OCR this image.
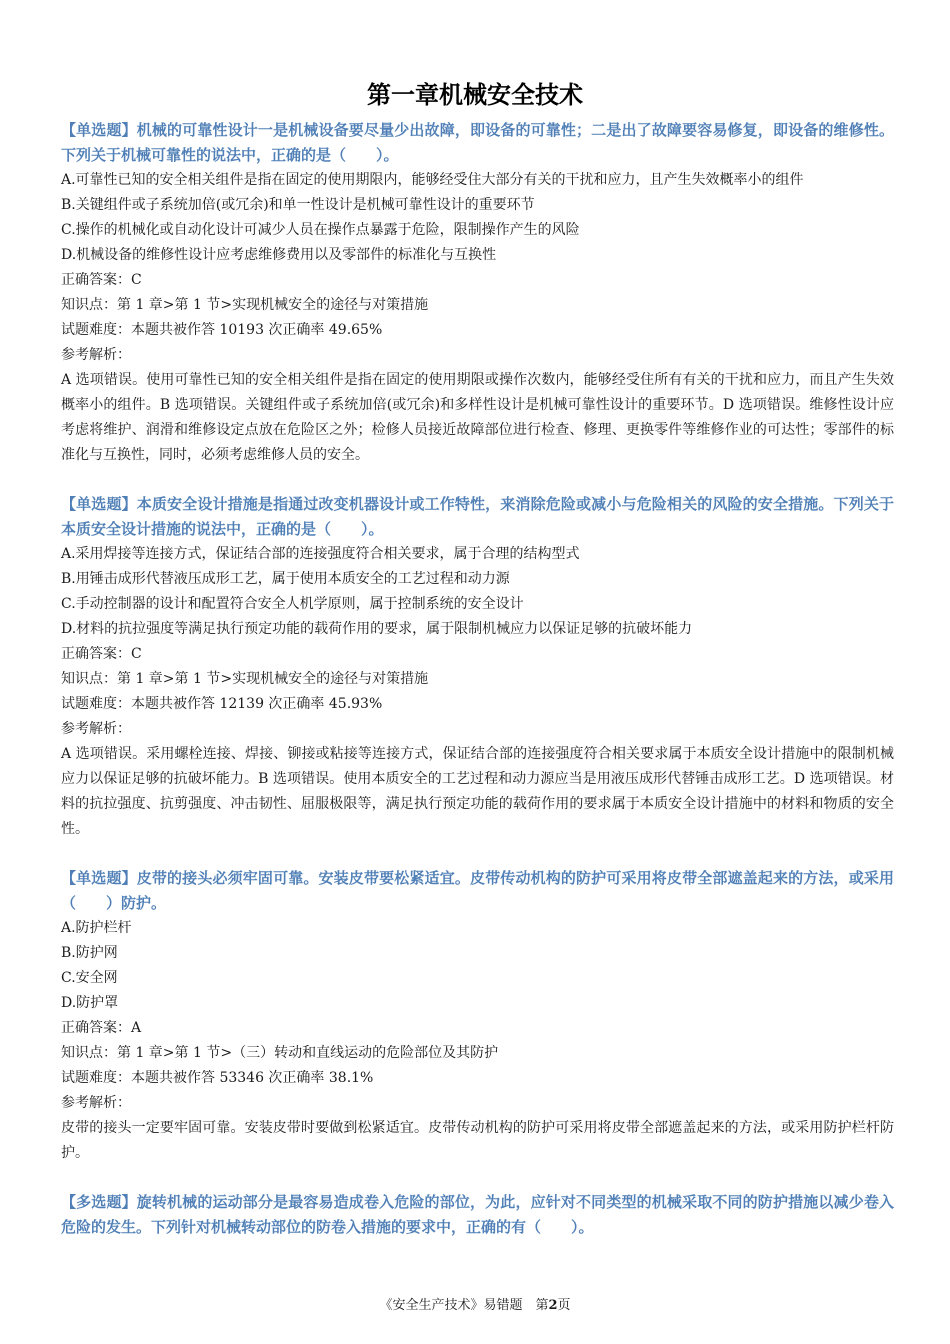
第一章机械安全技术
【单选题】机械的可靠性设计一是机械设备要尽量少出故障，即设备的可靠性；二是出了故障要容易修复，即设备的维修性。下列关于机械可靠性的说法中，正确的是（　　）。
A.可靠性已知的安全相关组件是指在固定的使用期限内，能够经受住大部分有关的干扰和应力，且产生失效概率小的组件
B.关键组件或子系统加倍(或冗余)和单一性设计是机械可靠性设计的重要环节
C.操作的机械化或自动化设计可减少人员在操作点暴露于危险，限制操作产生的风险
D.机械设备的维修性设计应考虑维修费用以及零部件的标准化与互换性
正确答案：C
知识点：第 1 章>第 1 节>实现机械安全的途径与对策措施
试题难度：本题共被作答 10193 次正确率 49.65%
参考解析：
A 选项错误。使用可靠性已知的安全相关组件是指在固定的使用期限或操作次数内，能够经受住所有有关的干扰和应力，而且产生失效概率小的组件。B 选项错误。关键组件或子系统加倍(或冗余)和多样性设计是机械可靠性设计的重要环节。D 选项错误。维修性设计应考虑将维护、润滑和维修设定点放在危险区之外；检修人员接近故障部位进行检查、修理、更换零件等维修作业的可达性；零部件的标准化与互换性，同时，必须考虑维修人员的安全。
【单选题】本质安全设计措施是指通过改变机器设计或工作特性，来消除危险或减小与危险相关的风险的安全措施。下列关于本质安全设计措施的说法中，正确的是（　　）。
A.采用焊接等连接方式，保证结合部的连接强度符合相关要求，属于合理的结构型式
B.用锤击成形代替液压成形工艺，属于使用本质安全的工艺过程和动力源
C.手动控制器的设计和配置符合安全人机学原则，属于控制系统的安全设计
D.材料的抗拉强度等满足执行预定功能的载荷作用的要求，属于限制机械应力以保证足够的抗破坏能力
正确答案：C
知识点：第 1 章>第 1 节>实现机械安全的途径与对策措施
试题难度：本题共被作答 12139 次正确率 45.93%
参考解析：
A 选项错误。采用螺栓连接、焊接、铆接或粘接等连接方式，保证结合部的连接强度符合相关要求属于本质安全设计措施中的限制机械应力以保证足够的抗破坏能力。B 选项错误。使用本质安全的工艺过程和动力源应当是用液压成形代替锤击成形工艺。D 选项错误。材料的抗拉强度、抗剪强度、冲击韧性、屈服极限等，满足执行预定功能的载荷作用的要求属于本质安全设计措施中的材料和物质的安全性。
【单选题】皮带的接头必须牢固可靠。安装皮带要松紧适宜。皮带传动机构的防护可采用将皮带全部遮盖起来的方法，或采用（　　）防护。
A.防护栏杆
B.防护网
C.安全网
D.防护罩
正确答案：A
知识点：第 1 章>第 1 节>（三）转动和直线运动的危险部位及其防护
试题难度：本题共被作答 53346 次正确率 38.1%
参考解析：
皮带的接头一定要牢固可靠。安装皮带时要做到松紧适宜。皮带传动机构的防护可采用将皮带全部遮盖起来的方法，或采用防护栏杆防护。
【多选题】旋转机械的运动部分是最容易造成卷入危险的部位，为此，应针对不同类型的机械采取不同的防护措施以减少卷入危险的发生。下列针对机械转动部位的防卷入措施的要求中，正确的有（　　）。
《安全生产技术》易错题　第2页
